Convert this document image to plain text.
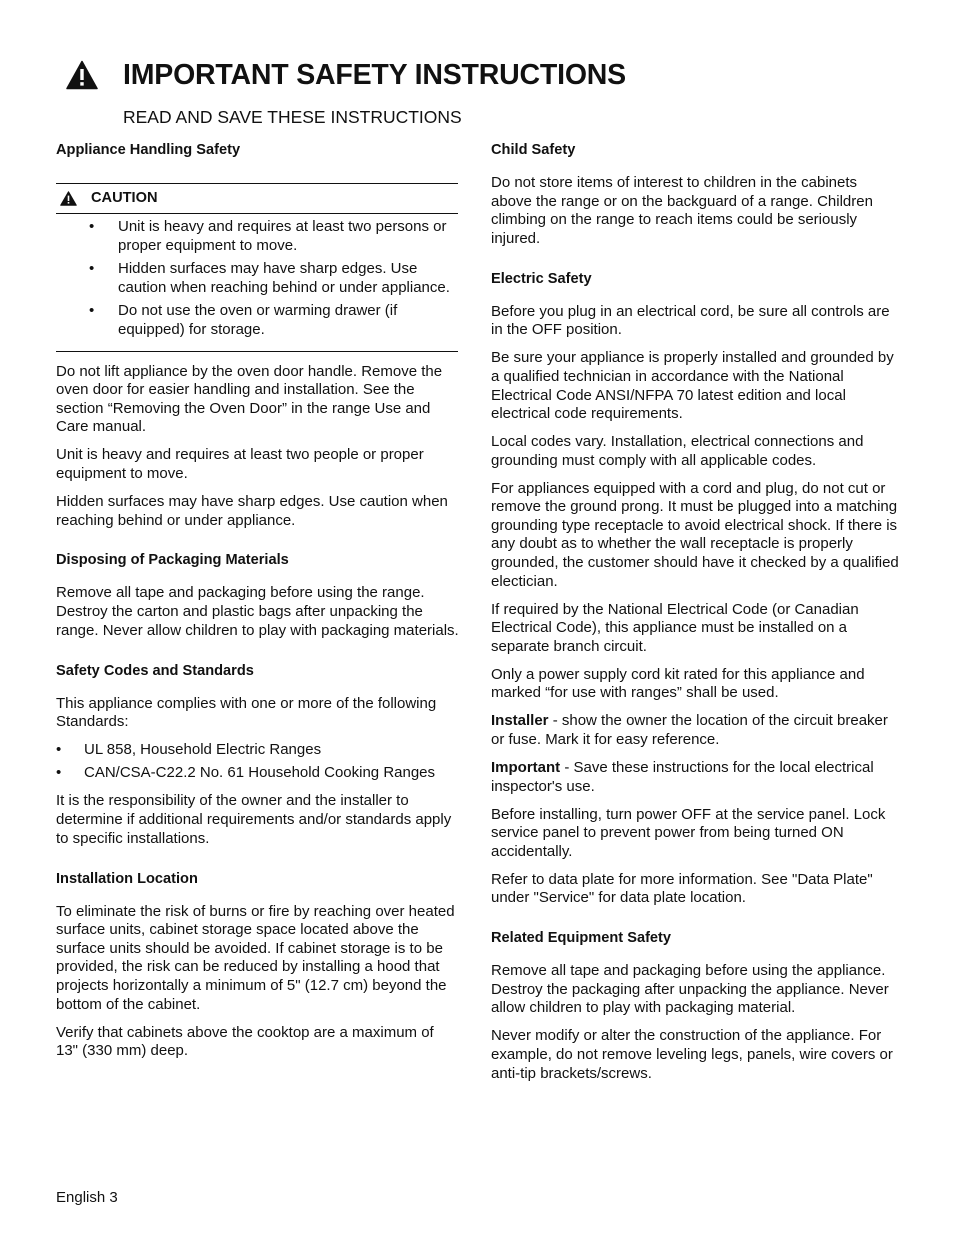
IMPORTANT SAFETY INSTRUCTIONS
READ AND SAVE THESE INSTRUCTIONS
Appliance Handling Safety
CAUTION
• Unit is heavy and requires at least two persons or proper equipment to move.
• Hidden surfaces may have sharp edges. Use caution when reaching behind or under appliance.
• Do not use the oven or warming drawer (if equipped) for storage.

Do not lift appliance by the oven door handle. Remove the oven door for easier handling and installation. See the section “Removing the Oven Door” in the range Use and Care manual.

Unit is heavy and requires at least two people or proper equipment to move.

Hidden surfaces may have sharp edges. Use caution when reaching behind or under appliance.

Disposing of Packaging Materials

Remove all tape and packaging before using the range. Destroy the carton and plastic bags after unpacking the range. Never allow children to play with packaging materials.

Safety Codes and Standards

This appliance complies with one or more of the following Standards:

• UL 858, Household Electric Ranges
• CAN/CSA-C22.2 No. 61 Household Cooking Ranges

It is the responsibility of the owner and the installer to determine if additional requirements and/or standards apply to specific installations.

Installation Location

To eliminate the risk of burns or fire by reaching over heated surface units, cabinet storage space located above the surface units should be avoided. If cabinet storage is to be provided, the risk can be reduced by installing a hood that projects horizontally a minimum of 5" (12.7 cm) beyond the bottom of the cabinet.

Verify that cabinets above the cooktop are a maximum of 13" (330 mm) deep.

Child Safety

Do not store items of interest to children in the cabinets above the range or on the backguard of a range. Children climbing on the range to reach items could be seriously injured.

Electric Safety

Before you plug in an electrical cord, be sure all controls are in the OFF position.

Be sure your appliance is properly installed and grounded by a qualified technician in accordance with the National Electrical Code ANSI/NFPA 70 latest edition and local electrical code requirements.

Local codes vary. Installation, electrical connections and grounding must comply with all applicable codes.

For appliances equipped with a cord and plug, do not cut or remove the ground prong. It must be plugged into a matching grounding type receptacle to avoid electrical shock. If there is any doubt as to whether the wall receptacle is properly grounded, the customer should have it checked by a qualified electician.

If required by the National Electrical Code (or Canadian Electrical Code), this appliance must be installed on a separate branch circuit.

Only a power supply cord kit rated for this appliance and marked “for use with ranges” shall be used.

Installer - show the owner the location of the circuit breaker or fuse. Mark it for easy reference.

Important - Save these instructions for the local electrical inspector's use.

Before installing, turn power OFF at the service panel. Lock service panel to prevent power from being turned ON accidentally.

Refer to data plate for more information. See "Data Plate" under "Service" for data plate location.

Related Equipment Safety

Remove all tape and packaging before using the appliance. Destroy the packaging after unpacking the appliance. Never allow children to play with packaging material.

Never modify or alter the construction of the appliance. For example, do not remove leveling legs, panels, wire covers or anti-tip brackets/screws.

English 3
